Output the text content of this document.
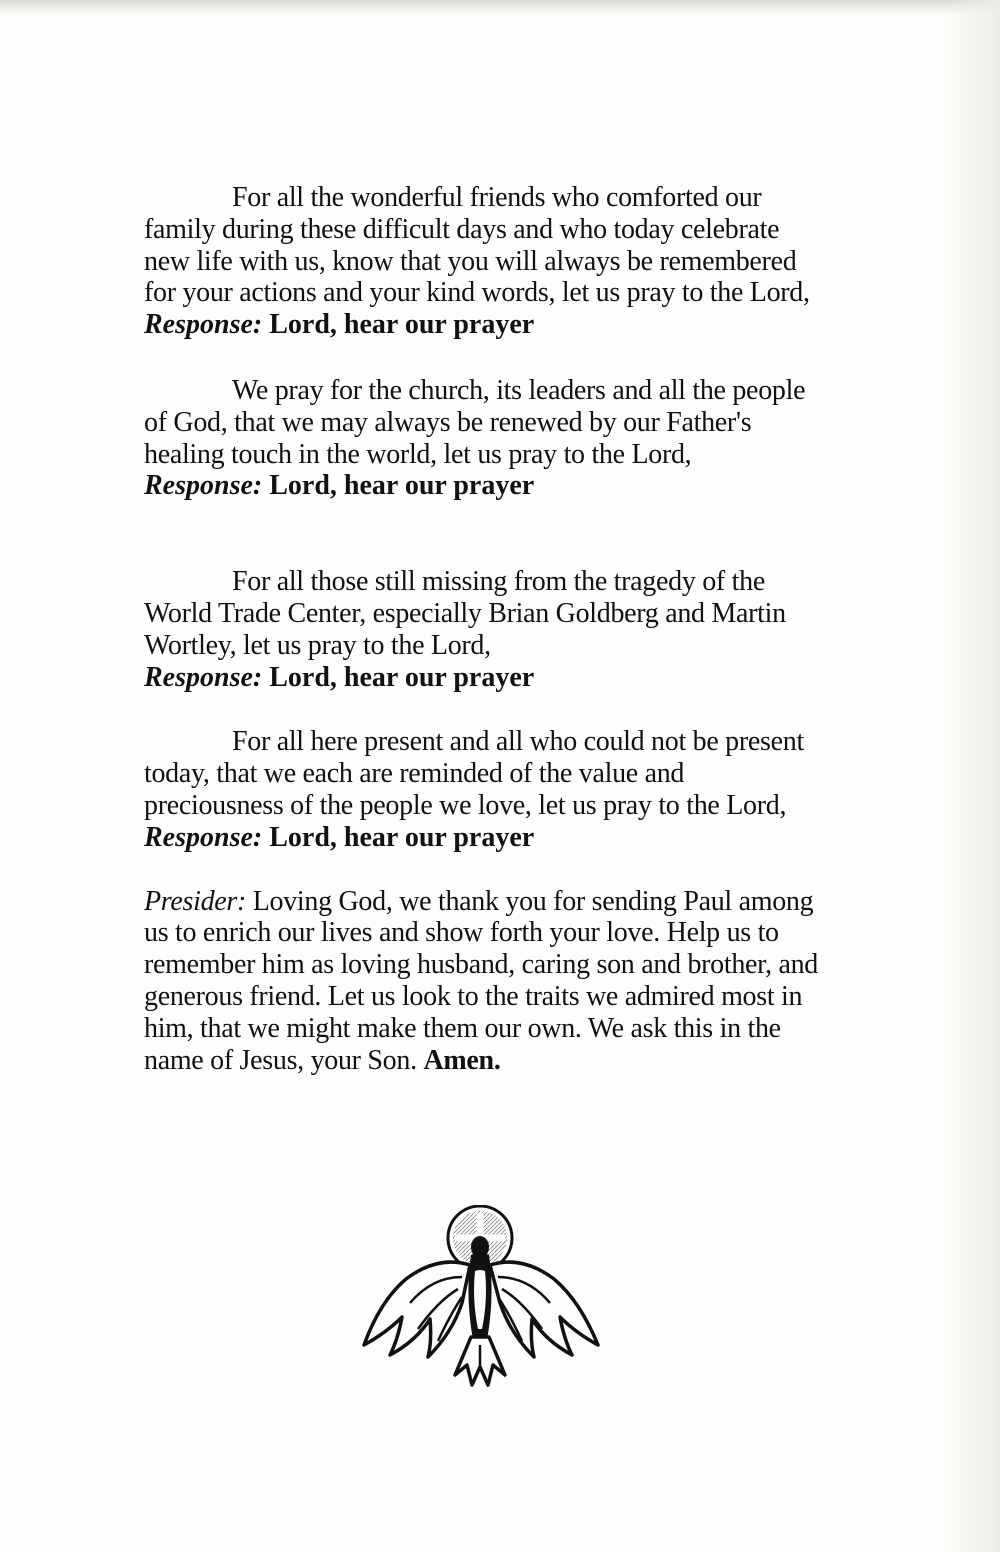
For all the wonderful friends who comforted our family during these difficult days and who today celebrate new life with us, know that you will always be remembered for your actions and your kind words, let us pray to the Lord,

Response: Lord, hear our prayer

We pray for the church, its leaders and all the people of God, that we may always be renewed by our Father's healing touch in the world, let us pray to the Lord,

Response: Lord, hear our prayer

For all those still missing from the tragedy of the World Trade Center, especially Brian Goldberg and Martin Wortley, let us pray to the Lord,

Response: Lord, hear our prayer

For all here present and all who could not be present today, that we each are reminded of the value and preciousness of the people we love, let us pray to the Lord,

Response: Lord, hear our prayer

Presider: Loving God, we thank you for sending Paul among us to enrich our lives and show forth your love. Help us to remember him as loving husband, caring son and brother, and generous friend. Let us look to the traits we admired most in him, that we might make them our own. We ask this in the name of Jesus, your Son. Amen.
